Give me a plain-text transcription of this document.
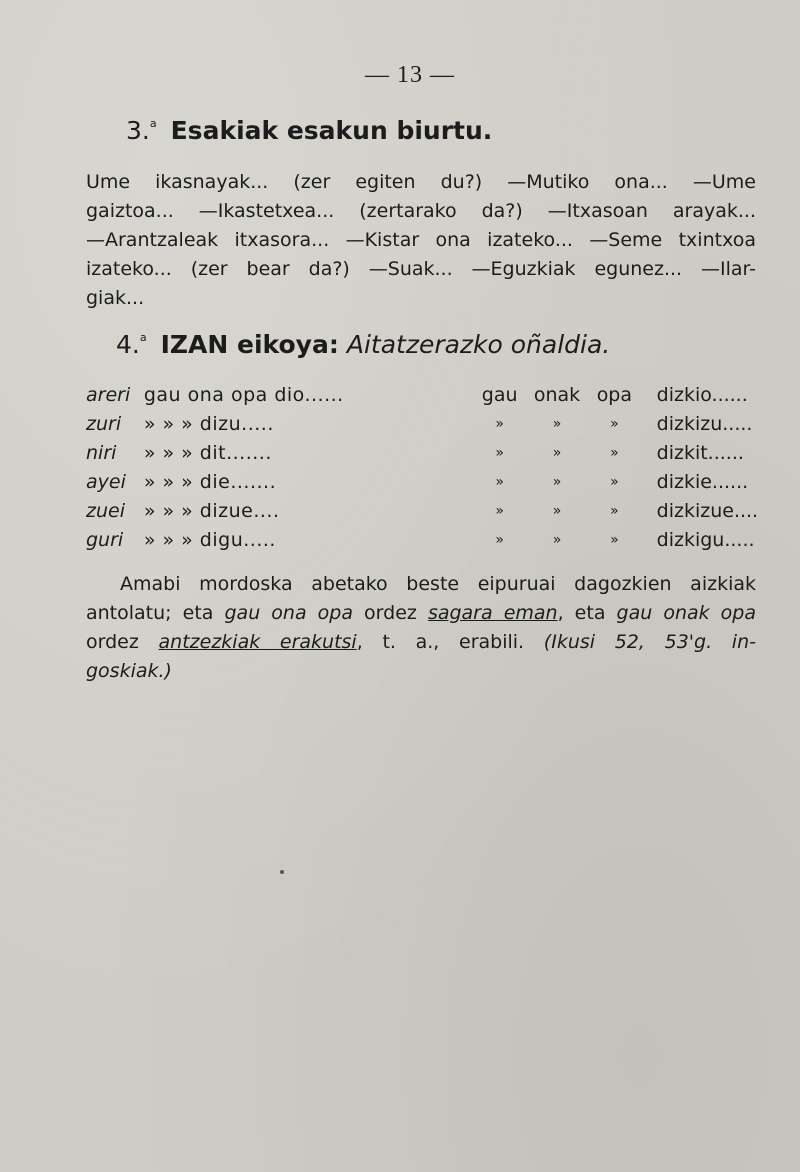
— 13 —
3.$^a$ Esakiak esakun biurtu.
Ume ikasnayak... (zer egiten du?) —Mutiko ona... —Ume
gaiztoa... —Ikastetxea... (zertarako da?) —Itxasoan arayak...
—Arantzaleak itxasora... —Kistar ona izateko... —Seme txintxoa
izateko... (zer bear da?) —Suak... —Eguzkiak egunez... —Ilar-
giak...
4.$^a$ IZAN eikoya: Aitatzerazko oñaldia.
areri	gau ona opa dio......		gau	onak	opa	dizkio......
zuri	» » » dizu.....		»	»	»	dizkizu.....
niri	» » » dit.......		»	»	»	dizkit......
ayei	» » » die.......		»	»	»	dizkie......
zuei	» » » dizue....		»	»	»	dizkizue....
guri	» » » digu.....		»	»	»	dizkigu.....
Amabi mordoska abetako beste eipuruai dagozkien aizkiak
antolatu; eta gau ona opa ordez sagara eman, eta gau onak opa
ordez antzezkiak erakutsi, t. a., erabili. (Ikusi 52, 53'g. in-
goskiak.)
